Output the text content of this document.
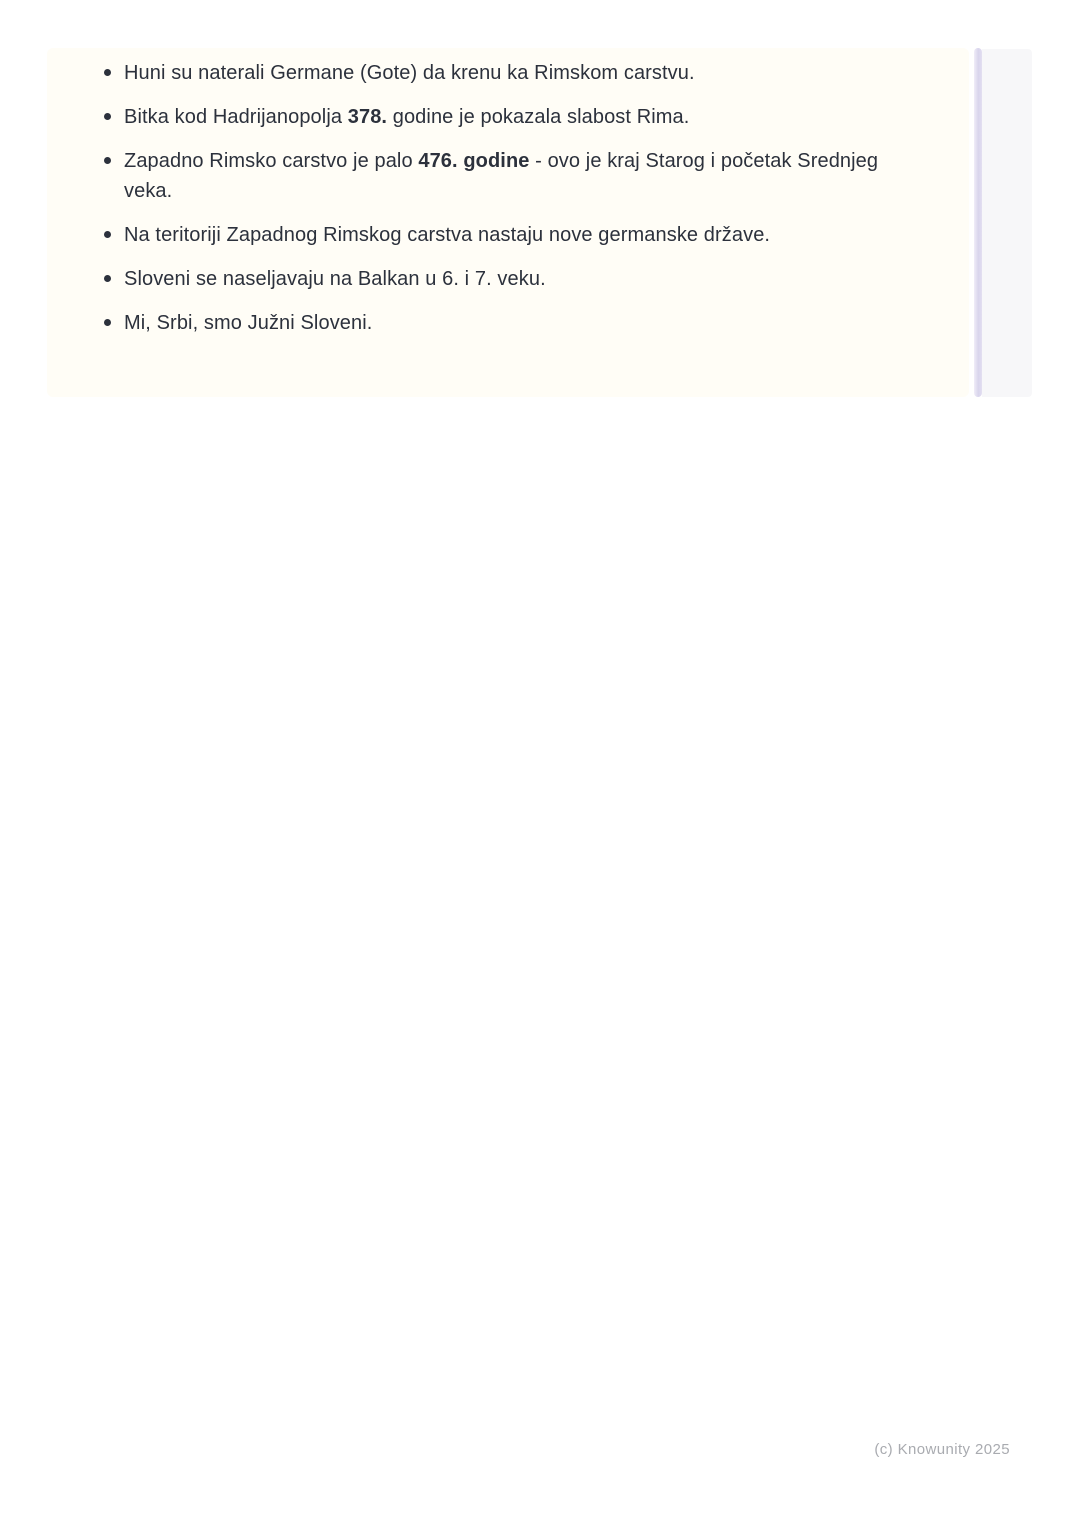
Huni su naterali Germane (Gote) da krenu ka Rimskom carstvu.
Bitka kod Hadrijanopolja 378. godine je pokazala slabost Rima.
Zapadno Rimsko carstvo je palo 476. godine - ovo je kraj Starog i početak Srednjeg veka.
Na teritoriji Zapadnog Rimskog carstva nastaju nove germanske države.
Sloveni se naseljavaju na Balkan u 6. i 7. veku.
Mi, Srbi, smo Južni Sloveni.
(c) Knowunity 2025
